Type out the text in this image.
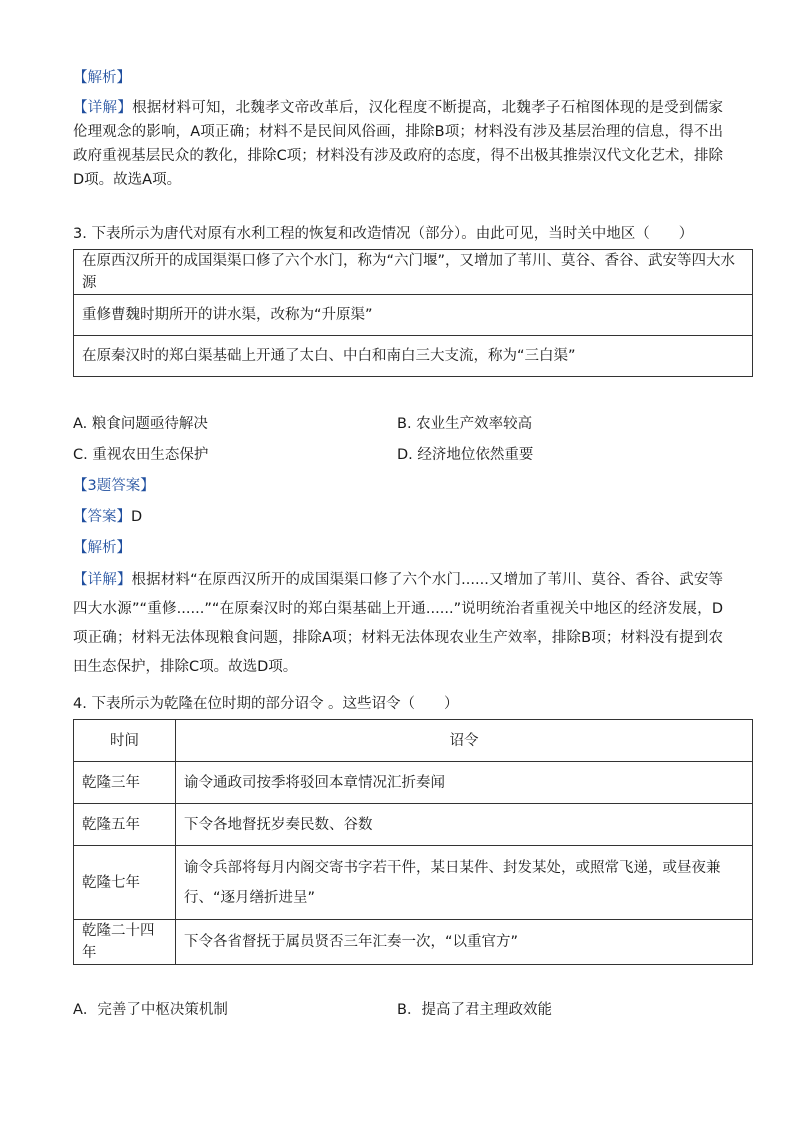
【解析】
【详解】根据材料可知，北魏孝文帝改革后，汉化程度不断提高，北魏孝子石棺图体现的是受到儒家伦理观念的影响，A项正确；材料不是民间风俗画，排除B项；材料没有涉及基层治理的信息，得不出政府重视基层民众的教化，排除C项；材料没有涉及政府的态度，得不出极其推崇汉代文化艺术，排除D项。故选A项。
3. 下表所示为唐代对原有水利工程的恢复和改造情况（部分）。由此可见，当时关中地区（　　）
在原西汉所开的成国渠渠口修了六个水门，称为“六门堰”，又增加了苇川、莫谷、香谷、武安等四大水源
重修曹魏时期所开的讲水渠，改称为“升原渠”
在原秦汉时的郑白渠基础上开通了太白、中白和南白三大支流，称为“三白渠”
A. 粮食问题亟待解决	B. 农业生产效率较高
C. 重视农田生态保护	D. 经济地位依然重要
【3题答案】
【答案】D
【解析】
【详解】根据材料“在原西汉所开的成国渠渠口修了六个水门......又增加了苇川、莫谷、香谷、武安等四大水源”“重修......”“在原秦汉时的郑白渠基础上开通......”说明统治者重视关中地区的经济发展，D项正确；材料无法体现粮食问题，排除A项；材料无法体现农业生产效率，排除B项；材料没有提到农田生态保护，排除C项。故选D项。
4. 下表所示为乾隆在位时期的部分诏令 。这些诏令（　　）
时间	诏令
乾隆三年	谕令通政司按季将驳回本章情况汇折奏闻
乾隆五年	下令各地督抚岁奏民数、谷数
乾隆七年	谕令兵部将每月内阁交寄书字若干件，某日某件、封发某处，或照常飞递，或昼夜兼行、“逐月缮折进呈”
乾隆二十四年	下令各省督抚于属员贤否三年汇奏一次，“以重官方”
A．完善了中枢决策机制	B．提高了君主理政效能
